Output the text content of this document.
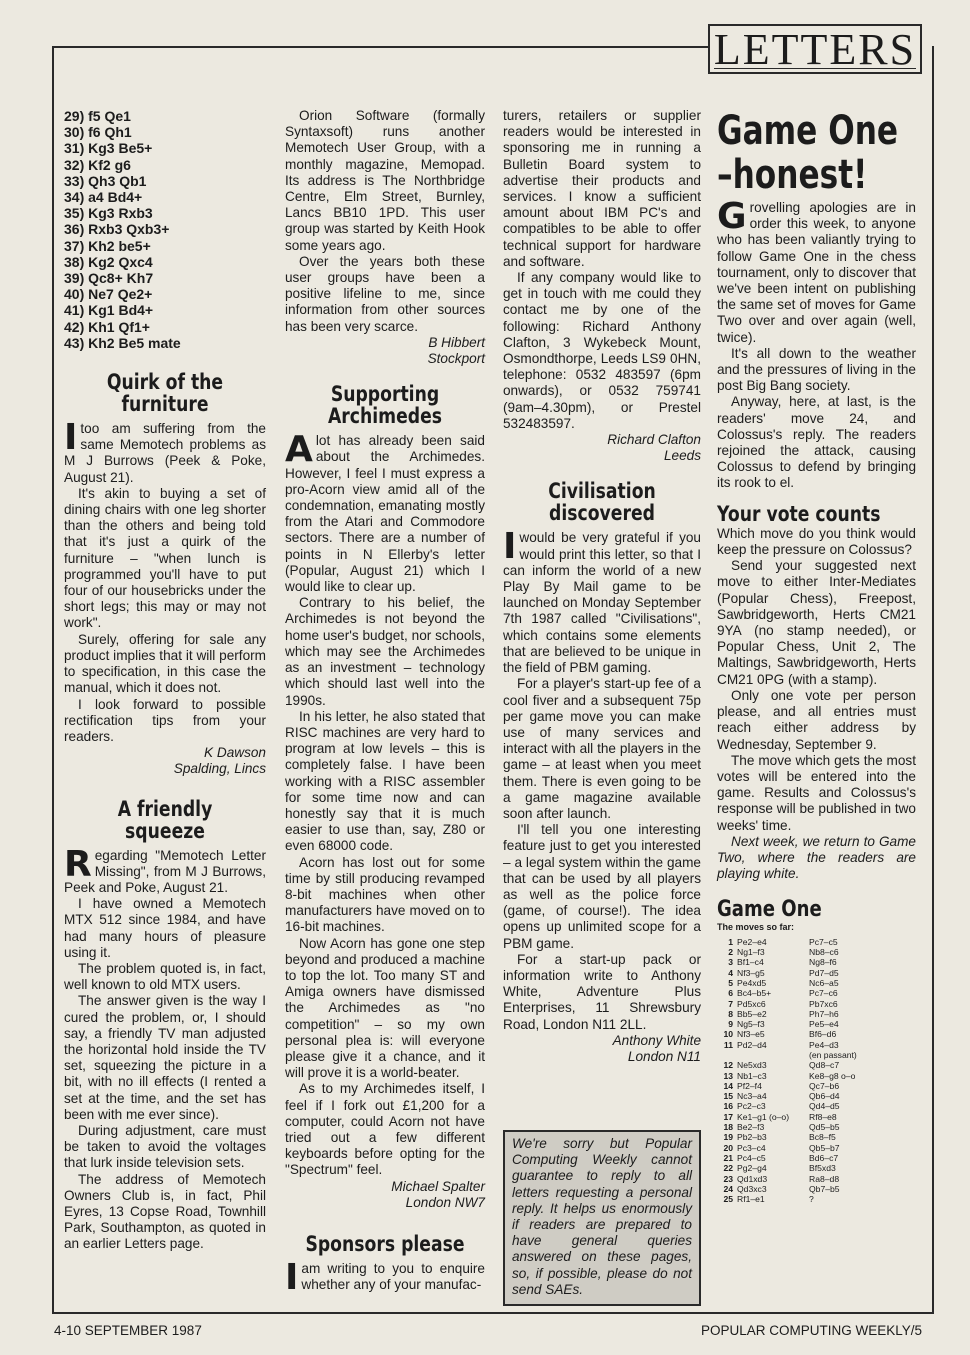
LETTERS
29) f5 Qe1
30) f6 Qh1
31) Kg3 Be5+
32) Kf2 g6
33) Qh3 Qb1
34) a4 Bd4+
35) Kg3 Rxb3
36) Rxb3 Qxb3+
37) Kh2 be5+
38) Kg2 Qxc4
39) Qc8+ Kh7
40) Ne7 Qe2+
41) Kg1 Bd4+
42) Kh1 Qf1+
43) Kh2 Be5 mate
Quirk of the furniture

Itoo am suffering from the same Memotech problems as M J Burrows (Peek & Poke, August 21).

It's akin to buying a set of dining chairs with one leg shorter than the others and being told that it's just a quirk of the furniture – "when lunch is programmed you'll have to put four of our housebricks under the short legs; this may or may not work".

Surely, offering for sale any product implies that it will perform to specification, in this case the manual, which it does not.

I look forward to possible rectification tips from your readers.

K Dawson
Spalding, Lincs
A friendly squeeze

Regarding "Memotech Letter Missing", from M J Burrows, Peek and Poke, August 21.

I have owned a Memotech MTX 512 since 1984, and have had many hours of pleasure using it.

The problem quoted is, in fact, well known to old MTX users.

The answer given is the way I cured the problem, or, I should say, a friendly TV man adjusted the horizontal hold inside the TV set, squeezing the picture in a bit, with no ill effects (I rented a set at the time, and the set has been with me ever since).

During adjustment, care must be taken to avoid the voltages that lurk inside television sets.

The address of Memotech Owners Club is, in fact, Phil Eyres, 13 Copse Road, Townhill Park, Southampton, as quoted in an earlier Letters page.

Orion Software (formally Syntaxsoft) runs another Memotech User Group, with a monthly magazine, Memopad. Its address is The Northbridge Centre, Elm Street, Burnley, Lancs BB10 1PD. This user group was started by Keith Hook some years ago.

Over the years both these user groups have been a positive lifeline to me, since information from other sources has been very scarce.

B Hibbert
Stockport
Supporting Archimedes

Alot has already been said about the Archimedes. However, I feel I must express a pro-Acorn view amid all of the condemnation, emanating mostly from the Atari and Commodore sectors. There are a number of points in N Ellerby's letter (Popular, August 21) which I would like to clear up.

Contrary to his belief, the Archimedes is not beyond the home user's budget, nor schools, which may see the Archimedes as an investment – technology which should last well into the 1990s.

In his letter, he also stated that RISC machines are very hard to program at low levels – this is completely false. I have been working with a RISC assembler for some time now and can honestly say that it is much easier to use than, say, Z80 or even 68000 code.

Acorn has lost out for some time by still producing revamped 8-bit machines when other manufacturers have moved on to 16-bit machines.

Now Acorn has gone one step beyond and produced a machine to top the lot. Too many ST and Amiga owners have dismissed the Archimedes as "no competition" – so my own personal plea is: will everyone please give it a chance, and it will prove it is a world-beater.

As to my Archimedes itself, I feel if I fork out £1,200 for a computer, could Acorn not have tried out a few different keyboards before opting for the "Spectrum" feel.

Michael Spalter
London NW7
Sponsors please

Iam writing to you to enquire whether any of your manufac-

turers, retailers or supplier readers would be interested in sponsoring me in running a Bulletin Board system to advertise their products and services. I know a sufficient amount about IBM PC's and compatibles to be able to offer technical support for hardware and software.

If any company would like to get in touch with me could they contact me by one of the following: Richard Anthony Clafton, 3 Wykebeck Mount, Osmondthorpe, Leeds LS9 0HN, telephone: 0532 483597 (6pm onwards), or 0532 759741 (9am–4.30pm), or Prestel 532483597.

Richard Clafton
Leeds
Civilisation discovered

Iwould be very grateful if you would print this letter, so that I can inform the world of a new Play By Mail game to be launched on Monday September 7th 1987 called "Civilisations", which contains some elements that are believed to be unique in the field of PBM gaming.

For a player's start-up fee of a cool fiver and a subsequent 75p per game move you can make use of many services and interact with all the players in the game – at least when you meet them. There is even going to be a game magazine available soon after launch.

I'll tell you one interesting feature just to get you interested – a legal system within the game that can be used by all players as well as the police force (game, of course!). The idea opens up unlimited scope for a PBM game.

For a start-up pack or information write to Anthony White, Adventure Plus Enterprises, 11 Shrewsbury Road, London N11 2LL.

Anthony White
London N11
We're sorry but Popular Computing Weekly cannot guarantee to reply to all letters requesting a personal reply. It helps us enormously if readers are prepared to have general queries answered on these pages, so, if possible, please do not send SAEs.
Game One
–honest!

Grovelling apologies are in order this week, to anyone who has been valiantly trying to follow Game One in the chess tournament, only to discover that we've been intent on publishing the same set of moves for Game Two over and over again (well, twice).

It's all down to the weather and the pressures of living in the post Big Bang society.

Anyway, here, at last, is the readers' move 24, and Colossus's reply. The readers rejoined the attack, causing Colossus to defend by bringing its rook to el.

Your vote counts

Which move do you think would keep the pressure on Colossus?

Send your suggested next move to either Inter-Mediates (Popular Chess), Freepost, Sawbridgeworth, Herts CM21 9YA (no stamp needed), or Popular Chess, Unit 2, The Maltings, Sawbridgeworth, Herts CM21 0PG (with a stamp).

Only one vote per person please, and all entries must reach either address by Wednesday, September 9.

The move which gets the most votes will be entered into the game. Results and Colossus's response will be published in two weeks' time.

Next week, we return to Game Two, where the readers are playing white.

Game One
The moves so far:
1	Pe2–e4	Pc7–c5
2	Ng1–f3	Nb8–c6
3	Bf1–c4	Ng8–f6
4	Nf3–g5	Pd7–d5
5	Pe4xd5	Nc6–a5
6	Bc4–b5+	Pc7–c6
7	Pd5xc6	Pb7xc6
8	Bb5–e2	Ph7–h6
9	Ng5–f3	Pe5–e4
10	Nf3–e5	Bf6–d6
11	Pd2–d4	Pe4–d3
		(en passant)
12	Ne5xd3	Qd8–c7
13	Nb1–c3	Ke8–g8 o–o
14	Pf2–f4	Qc7–b6
15	Nc3–a4	Qb6–d4
16	Pc2–c3	Qd4–d5
17	Ke1–g1 (o–o)	Rf8–e8
18	Be2–f3	Qd5–b5
19	Pb2–b3	Bc8–f5
20	Pc3–c4	Qb5–b7
21	Pc4–c5	Bd6–c7
22	Pg2–g4	Bf5xd3
23	Qd1xd3	Ra8–d8
24	Qd3xc3	Qb7–b5
25	Rf1–e1	?
4-10 SEPTEMBER 1987	POPULAR COMPUTING WEEKLY/5
